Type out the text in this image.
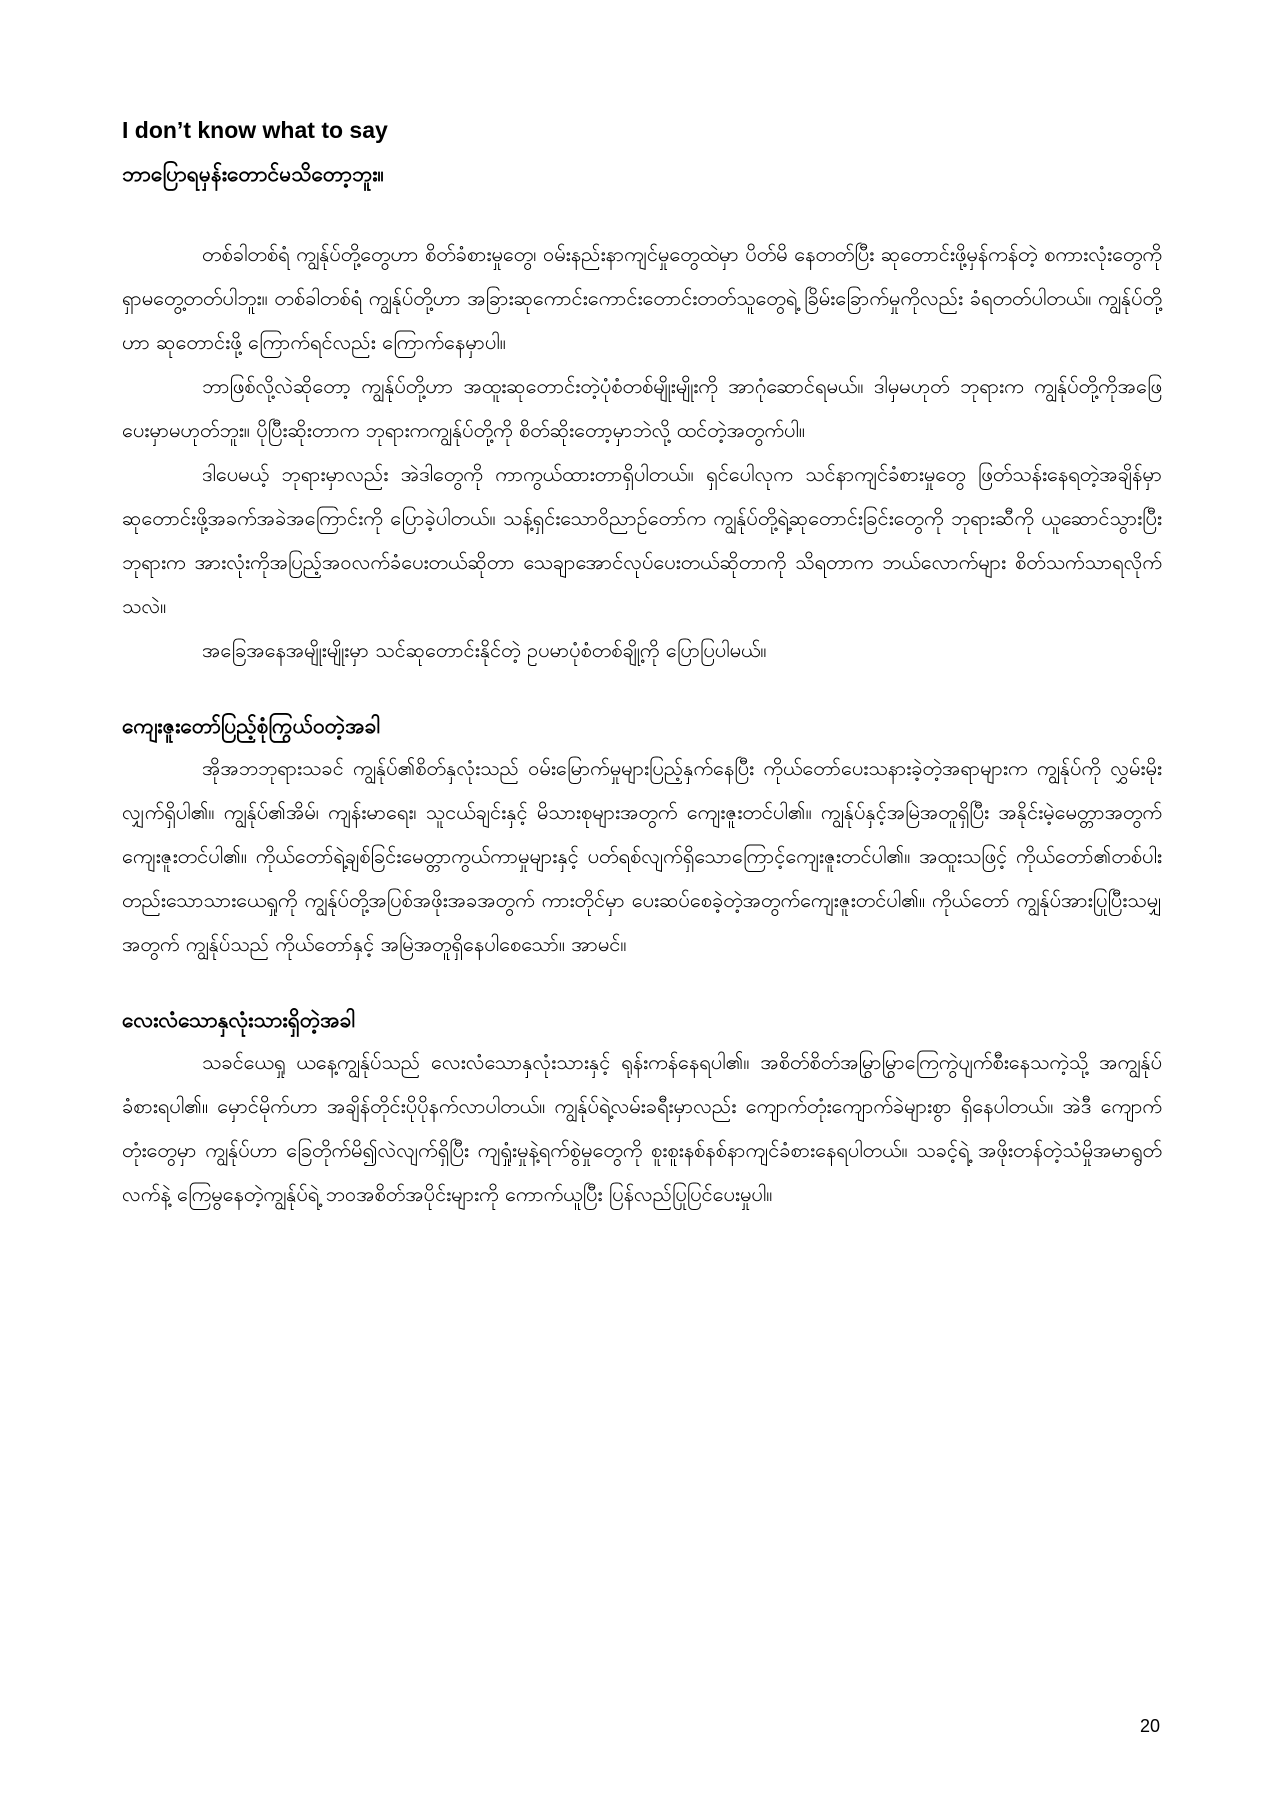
I don’t know what to say
ဘာပြောရမှန်းတောင်မသိတော့ဘူး။

တစ်ခါတစ်ရံ ကျွန်ုပ်တို့တွေဟာ စိတ်ခံစားမှုတွေ၊ ဝမ်းနည်းနာကျင်မှုတွေထဲမှာ ပိတ်မိ နေတတ်ပြီး ဆုတောင်းဖို့မှန်ကန်တဲ့ စကားလုံးတွေကို ရှာမတွေ့တတ်ပါဘူး။ တစ်ခါတစ်ရံ ကျွန်ုပ်တို့ဟာ အခြားဆုကောင်းကောင်းတောင်းတတ်သူတွေရဲ့ ခြိမ်းခြောက်မှုကိုလည်း ခံရတတ်ပါတယ်။ ကျွန်ုပ်တို့ဟာ ဆုတောင်းဖို့ ကြောက်ရင်လည်း ကြောက်နေမှာပါ။

ဘာဖြစ်လို့လဲဆိုတော့ ကျွန်ုပ်တို့ဟာ အထူးဆုတောင်းတဲ့ပုံစံတစ်မျိုးမျိုးကို အာဂုံဆောင်ရမယ်။ ဒါမှမဟုတ် ဘုရားက ကျွန်ုပ်တို့ကိုအဖြေပေးမှာမဟုတ်ဘူး။ ပိုပြီးဆိုးတာက ဘုရားကကျွန်ုပ်တို့ကို စိတ်ဆိုးတော့မှာဘဲလို့ ထင်တဲ့အတွက်ပါ။

ဒါပေမယ့် ဘုရားမှာလည်း အဲဒါတွေကို ကာကွယ်ထားတာရှိပါတယ်။ ရှင်ပေါလုက သင်နာကျင်ခံစားမှုတွေ ဖြတ်သန်းနေရတဲ့အချိန်မှာ ဆုတောင်းဖို့အခက်အခဲအကြောင်းကို ပြောခဲ့ပါတယ်။ သန့်ရှင်းသောဝိညာဉ်တော်က ကျွန်ုပ်တို့ရဲ့ဆုတောင်းခြင်းတွေကို ဘုရားဆီကို ယူဆောင်သွားပြီး ဘုရားက အားလုံးကိုအပြည့်အဝလက်ခံပေးတယ်ဆိုတာ သေချာအောင်လုပ်ပေးတယ်ဆိုတာကို သိရတာက ဘယ်လောက်များ စိတ်သက်သာရလိုက်သလဲ။

အခြေအနေအမျိုးမျိုးမှာ သင်ဆုတောင်းနိုင်တဲ့ ဥပမာပုံစံတစ်ချို့ကို ပြောပြပါမယ်။

ကျေးဇူးတော်ပြည့်စုံကြွယ်ဝတဲ့အခါ

အိုအဘဘုရားသခင် ကျွန်ုပ်၏စိတ်နှလုံးသည် ဝမ်းမြောက်မှုများပြည့်နှက်နေပြီး ကိုယ်တော်ပေးသနားခဲ့တဲ့အရာများက ကျွန်ုပ်ကို လွှမ်းမိုးလျှက်ရှိပါ၏။ ကျွန်ုပ်၏အိမ်၊ ကျန်းမာရေး၊ သူငယ်ချင်းနှင့် မိသားစုများအတွက် ကျေးဇူးတင်ပါ၏။ ကျွန်ုပ်နှင့်အမြဲအတူရှိပြီး အနိုင်းမဲ့မေတ္တာအတွက်ကျေးဇူးတင်ပါ၏။ ကိုယ်တော်ရဲ့ချစ်ခြင်းမေတ္တာကွယ်ကာမှုများနှင့် ပတ်ရစ်လျက်ရှိသောကြောင့်ကျေးဇူးတင်ပါ၏။ အထူးသဖြင့် ကိုယ်တော်၏တစ်ပါးတည်းသောသားယေရှုကို ကျွန်ုပ်တို့အပြစ်အဖိုးအခအတွက် ကားတိုင်မှာ ပေးဆပ်စေခဲ့တဲ့အတွက်ကျေးဇူးတင်ပါ၏။ ကိုယ်တော် ကျွန်ုပ်အားပြုပြီးသမျှအတွက် ကျွန်ုပ်သည် ကိုယ်တော်နှင့် အမြဲအတူရှိနေပါစေသော်။ အာမင်။

လေးလံသောနှလုံးသားရှိတဲ့အခါ

သခင်ယေရှု ယနေ့ကျွန်ုပ်သည် လေးလံသောနှလုံးသားနှင့် ရုန်းကန်နေရပါ၏။ အစိတ်စိတ်အမြွာမြွာကြေကွဲပျက်စီးနေသကဲ့သို့ အကျွန်ုပ်ခံစားရပါ၏။ မှောင်မိုက်ဟာ အချိန်တိုင်းပိုပိုနက်လာပါတယ်။ ကျွန်ုပ်ရဲ့လမ်းခရီးမှာလည်း ကျောက်တုံးကျောက်ခဲများစွာ ရှိနေပါတယ်။ အဲဒီ ကျောက်တုံးတွေမှာ ကျွန်ုပ်ဟာ ခြေတိုက်မိ၍လဲလျက်ရှိပြီး ကျရှုံးမှုနဲ့ရက်စွဲမှုတွေကို စူးစူးနစ်နစ်နာကျင်ခံစားနေရပါတယ်။ သခင့်ရဲ့ အဖိုးတန်တဲ့သံမှိုအမာရွတ်လက်နဲ့ ကြေမွနေတဲ့ကျွန်ုပ်ရဲ့ ဘဝအစိတ်အပိုင်းများကို ကောက်ယူပြီး ပြန်လည်ပြုပြင်ပေးမှုပါ။

20
